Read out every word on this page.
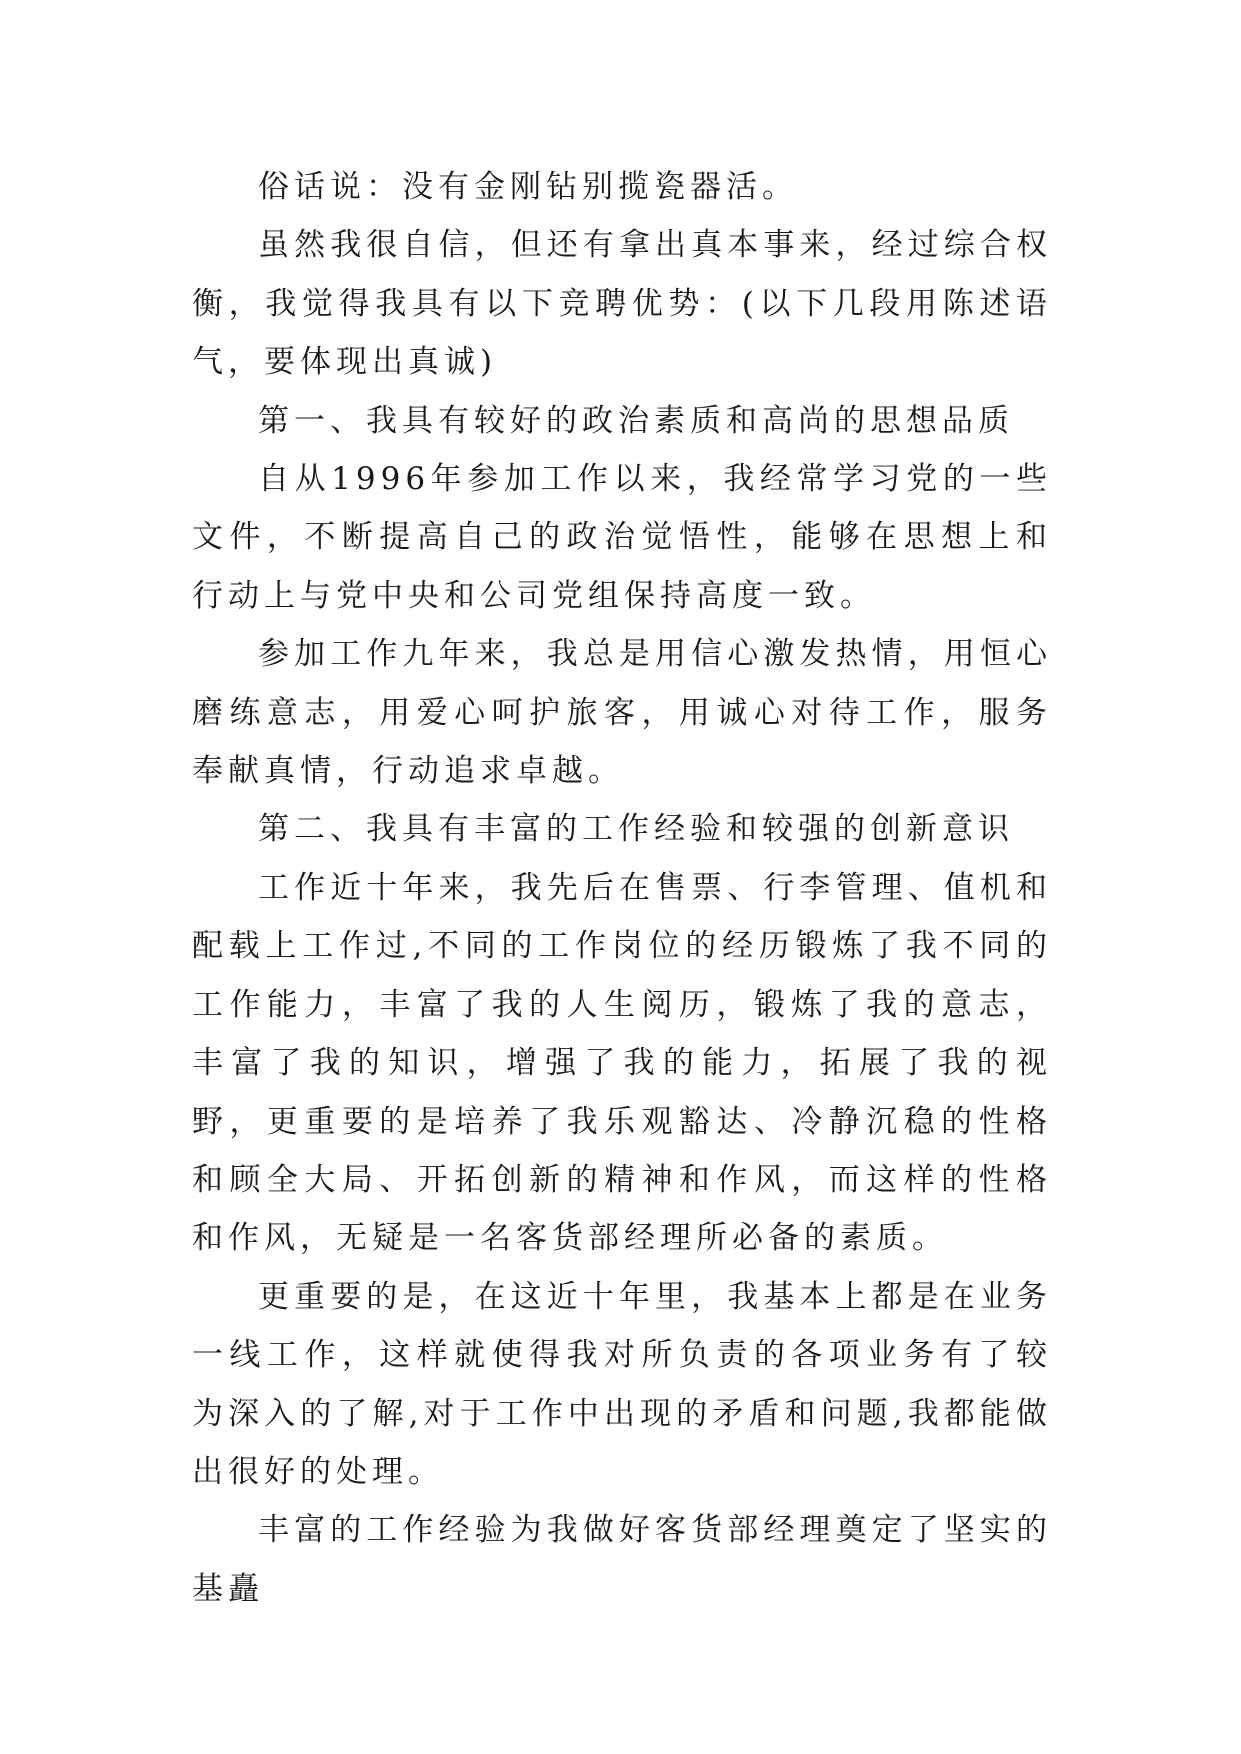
俗话说：没有金刚钻别揽瓷器活。

虽然我很自信，但还有拿出真本事来，经过综合权衡，我觉得我具有以下竞聘优势：(以下几段用陈述语气，要体现出真诚)

第一、我具有较好的政治素质和高尚的思想品质

自从1996年参加工作以来，我经常学习党的一些文件，不断提高自己的政治觉悟性，能够在思想上和行动上与党中央和公司党组保持高度一致。

参加工作九年来，我总是用信心激发热情，用恒心磨练意志，用爱心呵护旅客，用诚心对待工作，服务奉献真情，行动追求卓越。

第二、我具有丰富的工作经验和较强的创新意识

工作近十年来，我先后在售票、行李管理、值机和配载上工作过,不同的工作岗位的经历锻炼了我不同的工作能力，丰富了我的人生阅历，锻炼了我的意志，丰富了我的知识，增强了我的能力，拓展了我的视野，更重要的是培养了我乐观豁达、冷静沉稳的性格和顾全大局、开拓创新的精神和作风，而这样的性格和作风，无疑是一名客货部经理所必备的素质。

更重要的是，在这近十年里，我基本上都是在业务一线工作，这样就使得我对所负责的各项业务有了较为深入的了解,对于工作中出现的矛盾和问题,我都能做出很好的处理。

丰富的工作经验为我做好客货部经理奠定了坚实的基矗
